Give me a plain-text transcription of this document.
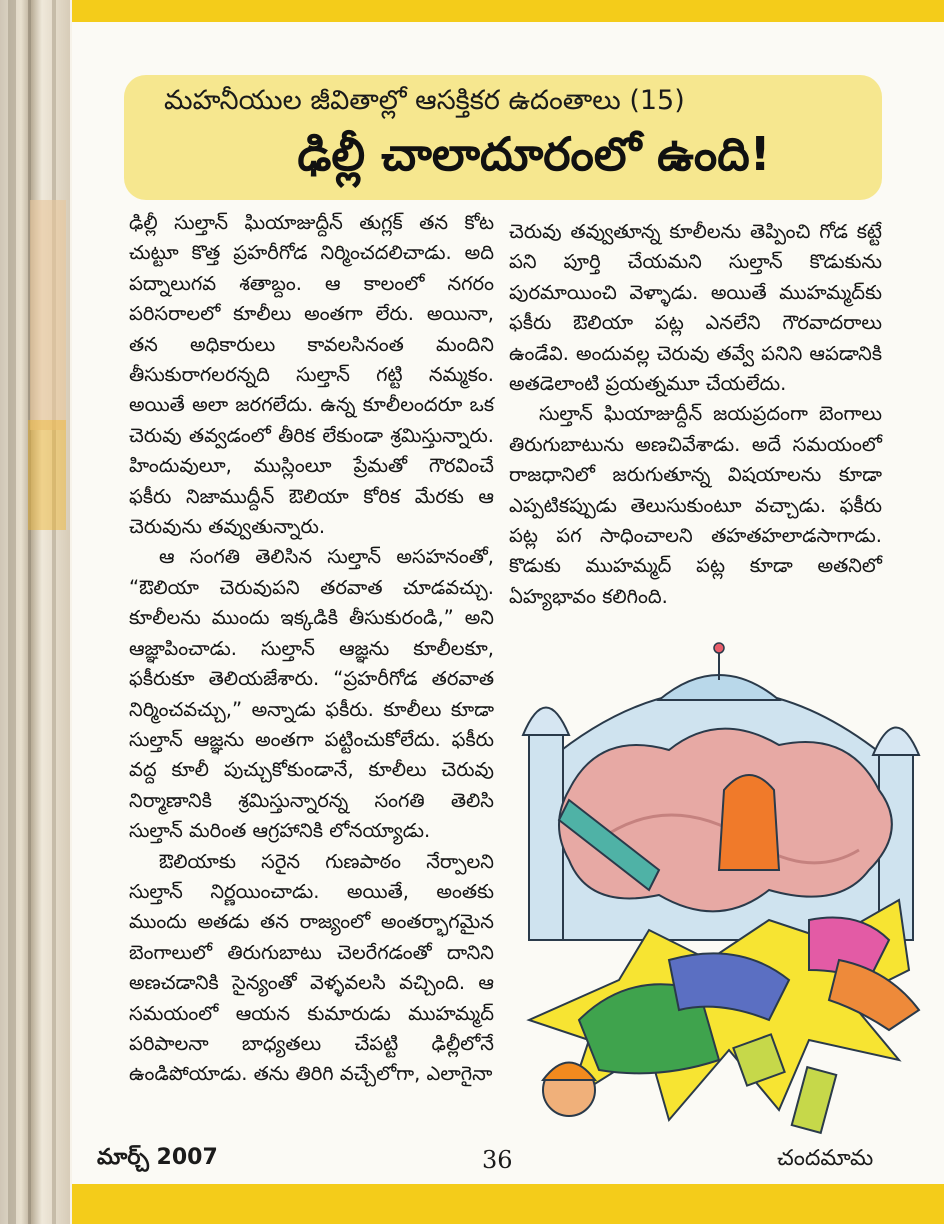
మహనీయుల జీవితాల్లో ఆసక్తికర ఉదంతాలు (15)
ఢిల్లీ చాలాదూరంలో ఉంది!

ఢిల్లీ సుల్తాన్ ఘియాజుద్దీన్ తుగ్లక్ తన కోట చుట్టూ కొత్త ప్రహరీగోడ నిర్మించదలిచాడు. అది పద్నాలుగవ శతాబ్దం. ఆ కాలంలో నగరం పరిసరాలలో కూలీలు అంతగా లేరు. అయినా, తన అధికారులు కావలసినంత మందిని తీసుకురాగలరన్నది సుల్తాన్ గట్టి నమ్మకం. అయితే అలా జరగలేదు. ఉన్న కూలీలందరూ ఒక చెరువు తవ్వడంలో తీరిక లేకుండా శ్రమిస్తున్నారు. హిందువులూ, ముస్లింలూ ప్రేమతో గౌరవించే ఫకీరు నిజాముద్దీన్ ఔలియా కోరిక మేరకు ఆ చెరువును తవ్వుతున్నారు.

ఆ సంగతి తెలిసిన సుల్తాన్ అసహనంతో, “ఔలియా చెరువుపని తరవాత చూడవచ్చు. కూలీలను ముందు ఇక్కడికి తీసుకురండి,” అని ఆజ్ఞాపించాడు. సుల్తాన్ ఆజ్ఞను కూలీలకూ, ఫకీరుకూ తెలియజేశారు. “ప్రహరీగోడ తరవాత నిర్మించవచ్చు,” అన్నాడు ఫకీరు. కూలీలు కూడా సుల్తాన్ ఆజ్ఞను అంతగా పట్టించుకోలేదు. ఫకీరు వద్ద కూలీ పుచ్చుకోకుండానే, కూలీలు చెరువు నిర్మాణానికి శ్రమిస్తున్నారన్న సంగతి తెలిసి సుల్తాన్ మరింత ఆగ్రహానికి లోనయ్యాడు.

ఔలియాకు సరైన గుణపాఠం నేర్పాలని సుల్తాన్ నిర్ణయించాడు. అయితే, అంతకు ముందు అతడు తన రాజ్యంలో అంతర్భాగమైన బెంగాలులో తిరుగుబాటు చెలరేగడంతో దానిని అణచడానికి సైన్యంతో వెళ్ళవలసి వచ్చింది. ఆ సమయంలో ఆయన కుమారుడు ముహమ్మద్ పరిపాలనా బాధ్యతలు చేపట్టి ఢిల్లీలోనే ఉండిపోయాడు. తను తిరిగి వచ్చేలోగా, ఎలాగైనా

చెరువు తవ్వుతూన్న కూలీలను తెప్పించి గోడ కట్టే పని పూర్తి చేయమని సుల్తాన్ కొడుకును పురమాయించి వెళ్ళాడు. అయితే ముహమ్మద్‌కు ఫకీరు ఔలియా పట్ల ఎనలేని గౌరవాదరాలు ఉండేవి. అందువల్ల చెరువు తవ్వే పనిని ఆపడానికి అతడెలాంటి ప్రయత్నమూ చేయలేదు.

సుల్తాన్ ఘియాజుద్దీన్ జయప్రదంగా బెంగాలు తిరుగుబాటును అణచివేశాడు. అదే సమయంలో రాజధానిలో జరుగుతూన్న విషయాలను కూడా ఎప్పటికప్పుడు తెలుసుకుంటూ వచ్చాడు. ఫకీరు పట్ల పగ సాధించాలని తహతహలాడసాగాడు. కొడుకు ముహమ్మద్ పట్ల కూడా అతనిలో ఏహ్యభావం కలిగింది.

మార్చ్ 2007	36	చందమామ
